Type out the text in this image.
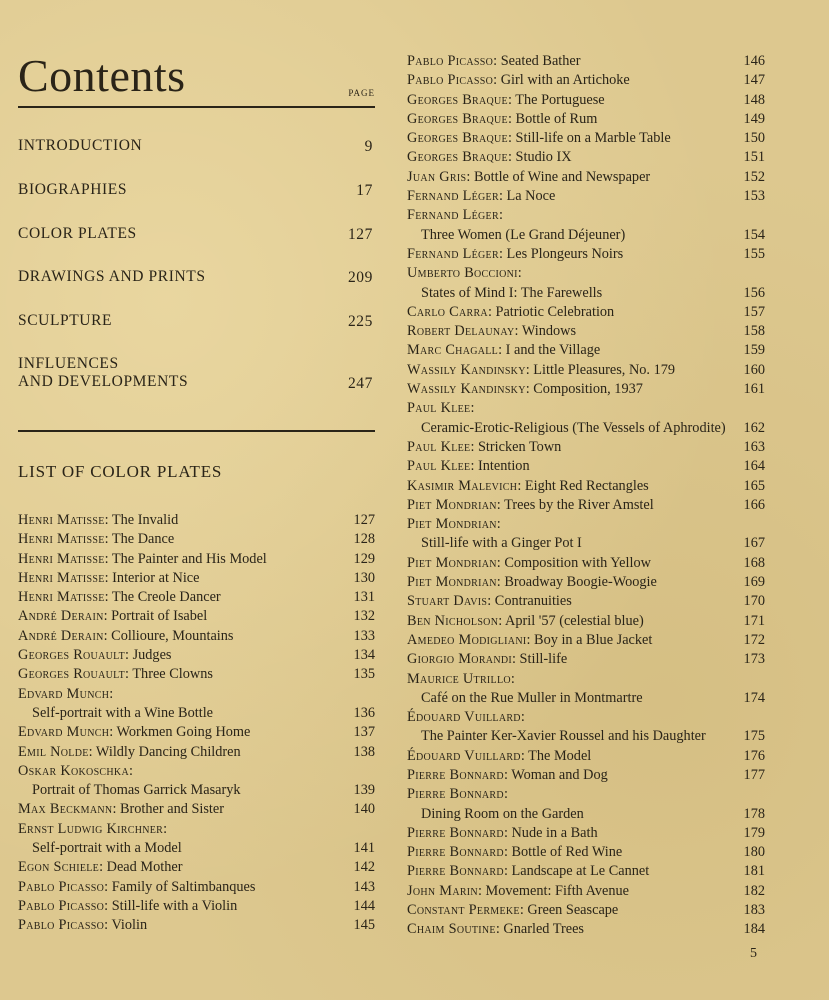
Contents	PAGE
INTRODUCTION	9
BIOGRAPHIES	17
COLOR PLATES	127
DRAWINGS AND PRINTS	209
SCULPTURE	225
INFLUENCES
AND DEVELOPMENTS	247
LIST OF COLOR PLATES
Henri Matisse: The Invalid	127
Henri Matisse: The Dance	128
Henri Matisse: The Painter and His Model	129
Henri Matisse: Interior at Nice	130
Henri Matisse: The Creole Dancer	131
André Derain: Portrait of Isabel	132
André Derain: Collioure, Mountains	133
Georges Rouault: Judges	134
Georges Rouault: Three Clowns	135
Edvard Munch:
Self-portrait with a Wine Bottle	136
Edvard Munch: Workmen Going Home	137
Emil Nolde: Wildly Dancing Children	138
Oskar Kokoschka:
Portrait of Thomas Garrick Masaryk	139
Max Beckmann: Brother and Sister	140
Ernst Ludwig Kirchner:
Self-portrait with a Model	141
Egon Schiele: Dead Mother	142
Pablo Picasso: Family of Saltimbanques	143
Pablo Picasso: Still-life with a Violin	144
Pablo Picasso: Violin	145
Pablo Picasso: Seated Bather	146
Pablo Picasso: Girl with an Artichoke	147
Georges Braque: The Portuguese	148
Georges Braque: Bottle of Rum	149
Georges Braque: Still-life on a Marble Table	150
Georges Braque: Studio IX	151
Juan Gris: Bottle of Wine and Newspaper	152
Fernand Léger: La Noce	153
Fernand Léger:
Three Women (Le Grand Déjeuner)	154
Fernand Léger: Les Plongeurs Noirs	155
Umberto Boccioni:
States of Mind I: The Farewells	156
Carlo Carra: Patriotic Celebration	157
Robert Delaunay: Windows	158
Marc Chagall: I and the Village	159
Wassily Kandinsky: Little Pleasures, No. 179	160
Wassily Kandinsky: Composition, 1937	161
Paul Klee:
Ceramic-Erotic-Religious (The Vessels of Aphrodite) 162
Paul Klee: Stricken Town	163
Paul Klee: Intention	164
Kasimir Malevich: Eight Red Rectangles	165
Piet Mondrian: Trees by the River Amstel	166
Piet Mondrian:
Still-life with a Ginger Pot I	167
Piet Mondrian: Composition with Yellow	168
Piet Mondrian: Broadway Boogie-Woogie	169
Stuart Davis: Contranuities	170
Ben Nicholson: April '57 (celestial blue)	171
Amedeo Modigliani: Boy in a Blue Jacket	172
Giorgio Morandi: Still-life	173
Maurice Utrillo:
Café on the Rue Muller in Montmartre	174
Édouard Vuillard:
The Painter Ker-Xavier Roussel and his Daughter	175
Édouard Vuillard: The Model	176
Pierre Bonnard: Woman and Dog	177
Pierre Bonnard:
Dining Room on the Garden	178
Pierre Bonnard: Nude in a Bath	179
Pierre Bonnard: Bottle of Red Wine	180
Pierre Bonnard: Landscape at Le Cannet	181
John Marin: Movement: Fifth Avenue	182
Constant Permeke: Green Seascape	183
Chaim Soutine: Gnarled Trees	184
5
